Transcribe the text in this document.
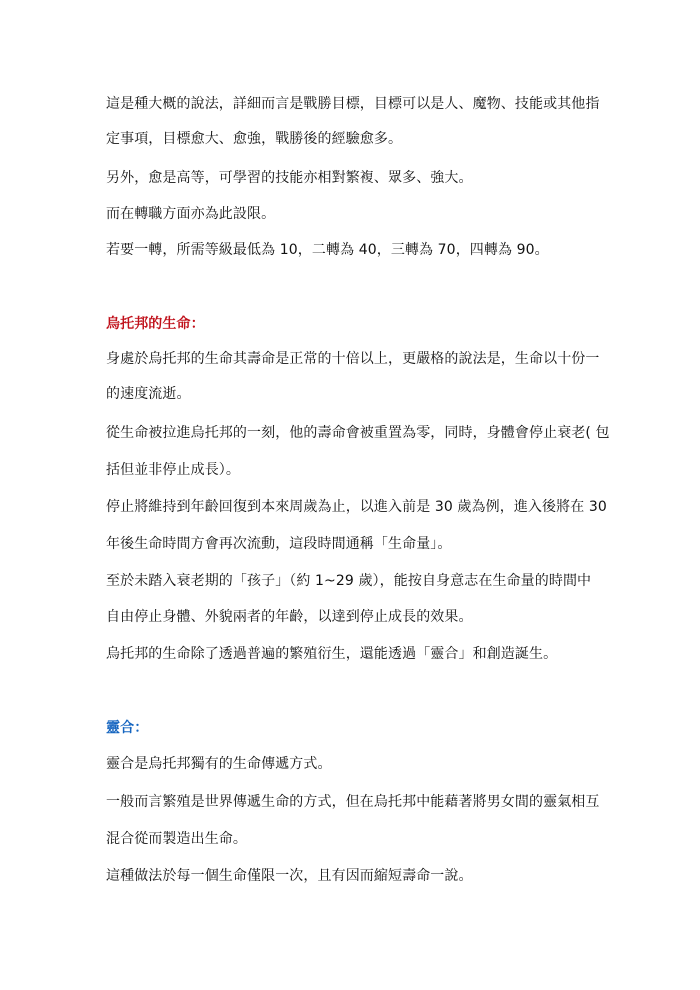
這是種大概的說法，詳細而言是戰勝目標，目標可以是人、魔物、技能或其他指
定事項，目標愈大、愈強，戰勝後的經驗愈多。
另外，愈是高等，可學習的技能亦相對繁複、眾多、強大。
而在轉職方面亦為此設限。
若要一轉，所需等級最低為 10，二轉為 40，三轉為 70，四轉為 90。
烏托邦的生命：
身處於烏托邦的生命其壽命是正常的十倍以上，更嚴格的說法是，生命以十份一
的速度流逝。
從生命被拉進烏托邦的一刻，他的壽命會被重置為零，同時，身體會停止衰老( 包
括但並非停止成長）。
停止將維持到年齡回復到本來周歲為止，以進入前是 30 歲為例，進入後將在 30
年後生命時間方會再次流動，這段時間通稱「生命量」。
至於未踏入衰老期的「孩子」（約 1~29 歲），能按自身意志在生命量的時間中
自由停止身體、外貌兩者的年齡，以達到停止成長的效果。
烏托邦的生命除了透過普遍的繁殖衍生，還能透過「靈合」和創造誕生。
靈合：
靈合是烏托邦獨有的生命傳遞方式。
一般而言繁殖是世界傳遞生命的方式，但在烏托邦中能藉著將男女間的靈氣相互
混合從而製造出生命。
這種做法於每一個生命僅限一次，且有因而縮短壽命一說。
